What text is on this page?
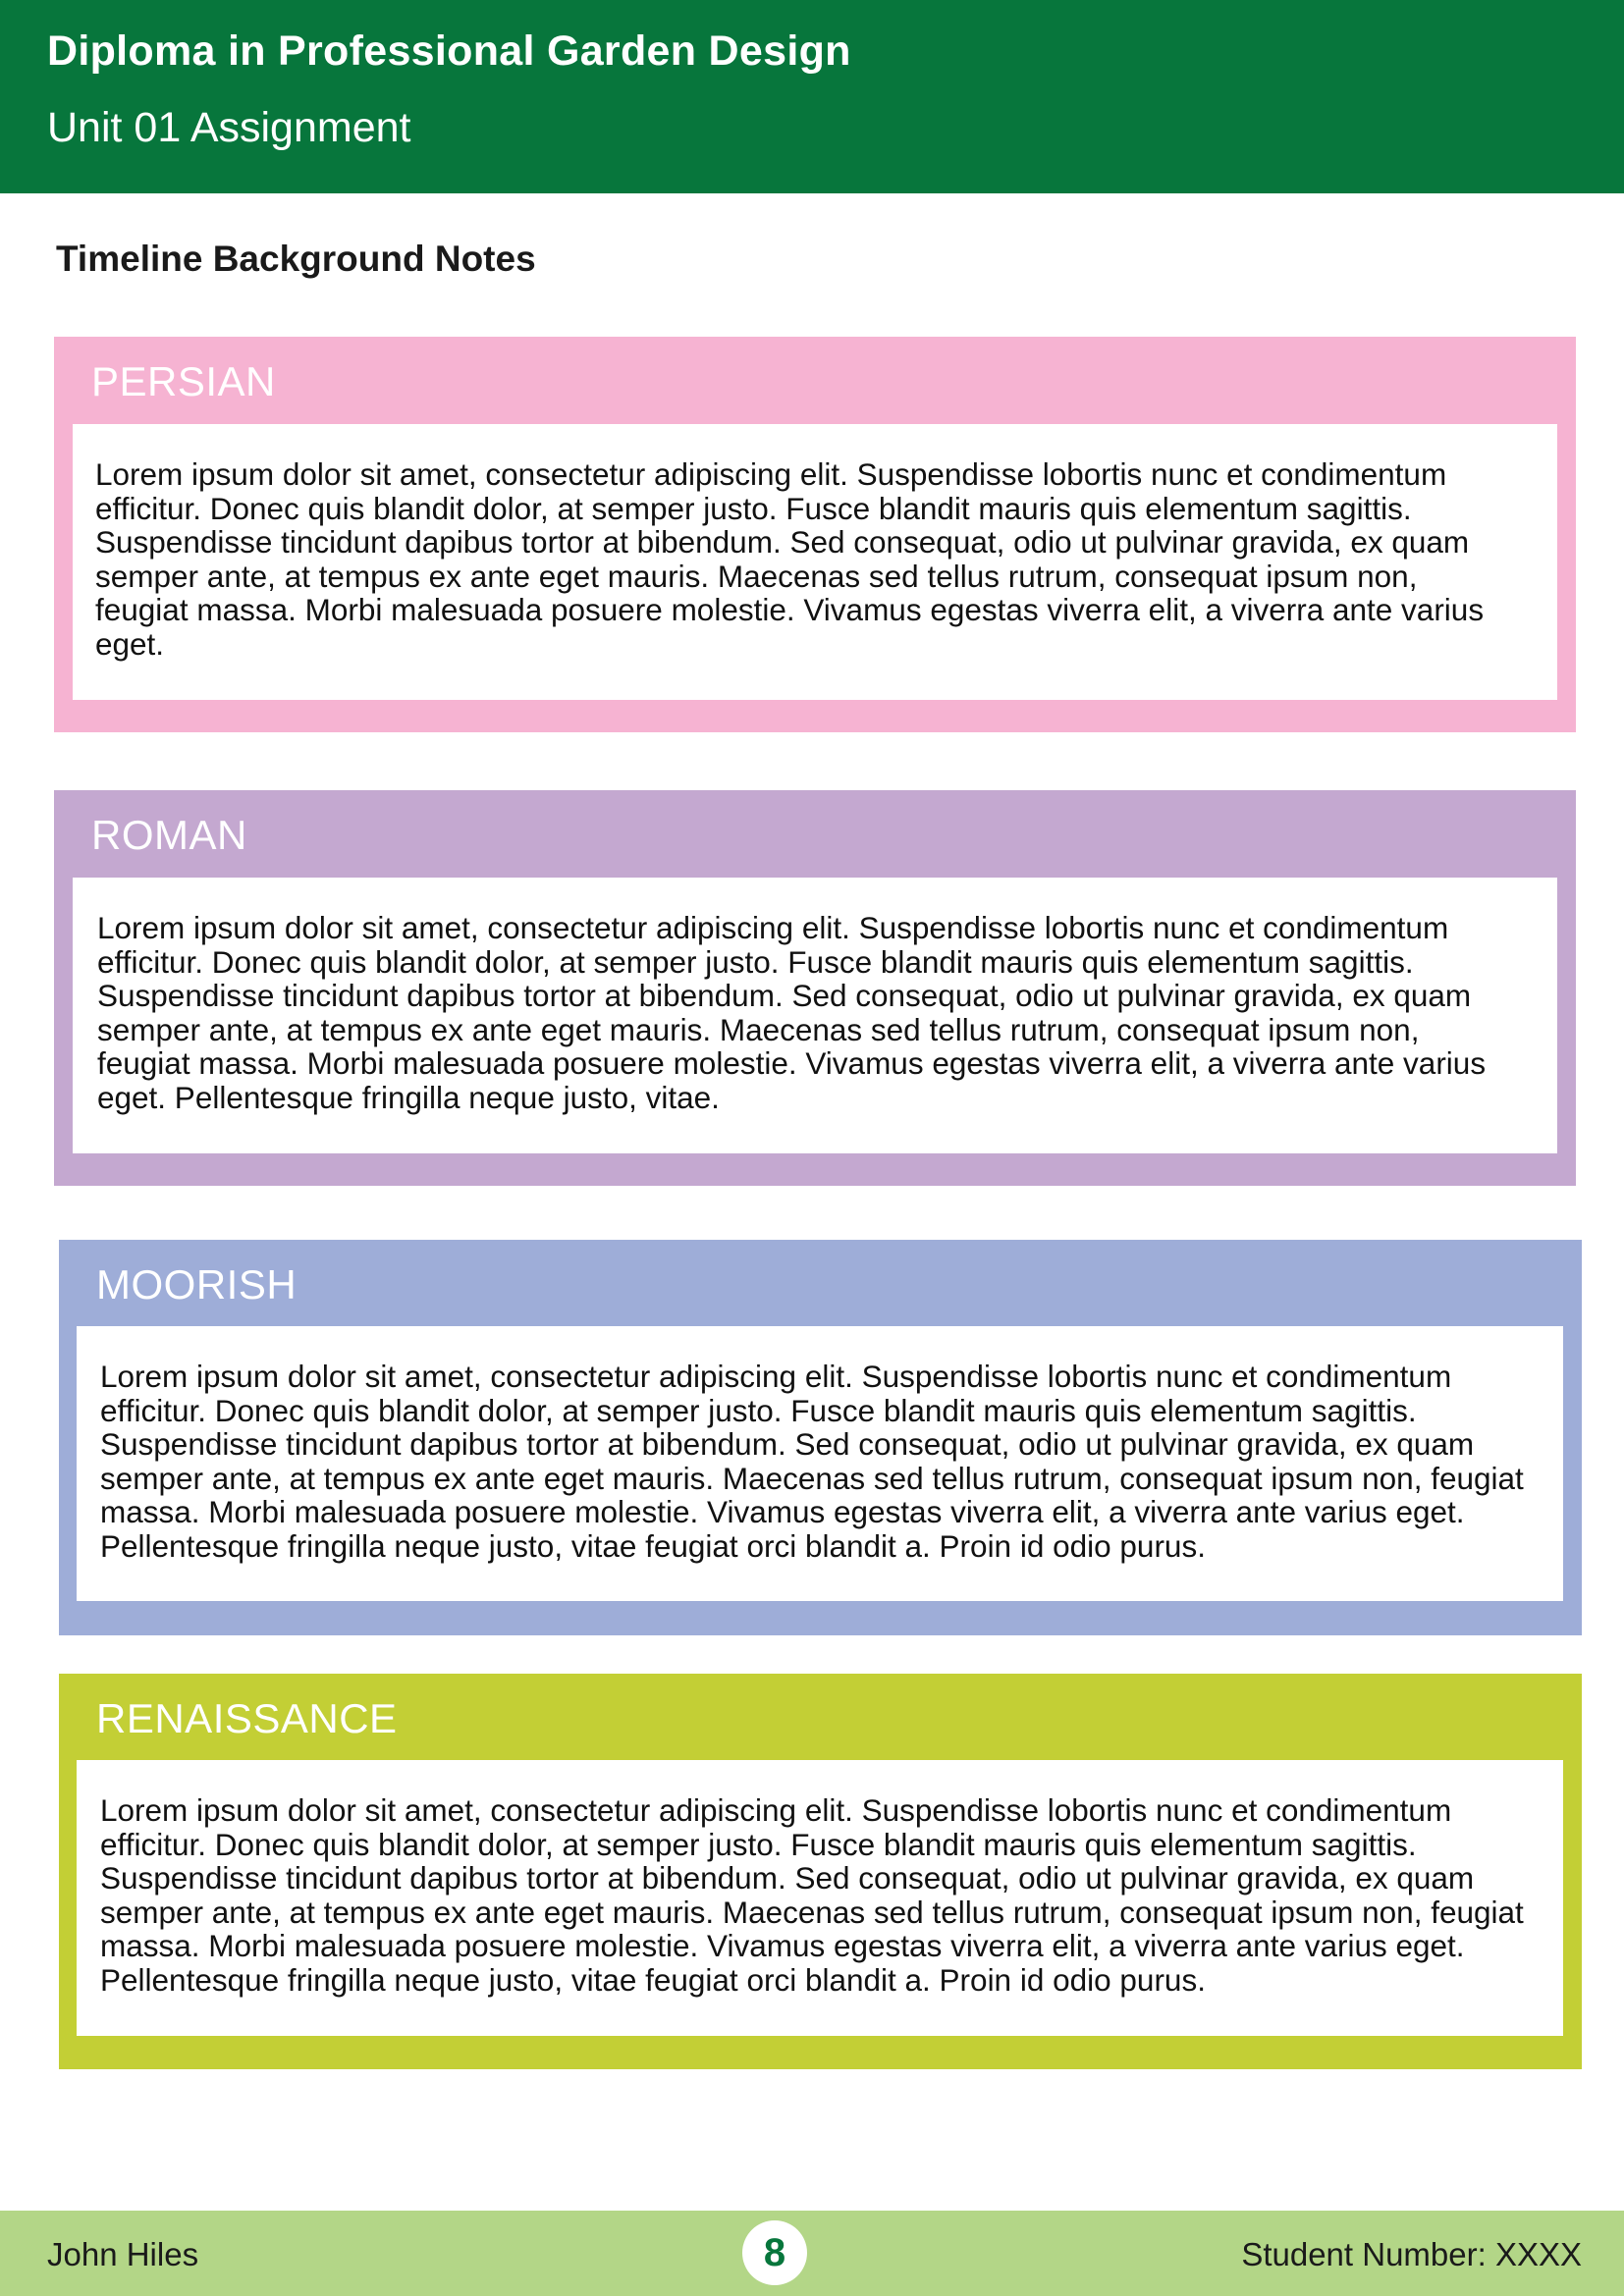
Diploma in Professional Garden Design
Unit 01 Assignment
Timeline Background Notes
PERSIAN
Lorem ipsum dolor sit amet, consectetur adipiscing elit. Suspendisse lobortis nunc et condimentum efficitur. Donec quis blandit dolor, at semper justo. Fusce blandit mauris quis elementum sagittis. Suspendisse tincidunt dapibus tortor at bibendum. Sed consequat, odio ut pulvinar gravida, ex quam semper ante, at tempus ex ante eget mauris. Maecenas sed tellus rutrum, consequat ipsum non, feugiat massa. Morbi malesuada posuere molestie. Vivamus egestas viverra elit, a viverra ante varius eget.
ROMAN
Lorem ipsum dolor sit amet, consectetur adipiscing elit. Suspendisse lobortis nunc et condimentum efficitur. Donec quis blandit dolor, at semper justo. Fusce blandit mauris quis elementum sagittis. Suspendisse tincidunt dapibus tortor at bibendum. Sed consequat, odio ut pulvinar gravida, ex quam semper ante, at tempus ex ante eget mauris. Maecenas sed tellus rutrum, consequat ipsum non, feugiat massa. Morbi malesuada posuere molestie. Vivamus egestas viverra elit, a viverra ante varius eget. Pellentesque fringilla neque justo, vitae.
MOORISH
Lorem ipsum dolor sit amet, consectetur adipiscing elit. Suspendisse lobortis nunc et condimentum efficitur. Donec quis blandit dolor, at semper justo. Fusce blandit mauris quis elementum sagittis. Suspendisse tincidunt dapibus tortor at bibendum. Sed consequat, odio ut pulvinar gravida, ex quam semper ante, at tempus ex ante eget mauris. Maecenas sed tellus rutrum, consequat ipsum non, feugiat massa. Morbi malesuada posuere molestie. Vivamus egestas viverra elit, a viverra ante varius eget. Pellentesque fringilla neque justo, vitae feugiat orci blandit a. Proin id odio purus.
RENAISSANCE
Lorem ipsum dolor sit amet, consectetur adipiscing elit. Suspendisse lobortis nunc et condimentum efficitur. Donec quis blandit dolor, at semper justo. Fusce blandit mauris quis elementum sagittis. Suspendisse tincidunt dapibus tortor at bibendum. Sed consequat, odio ut pulvinar gravida, ex quam semper ante, at tempus ex ante eget mauris. Maecenas sed tellus rutrum, consequat ipsum non, feugiat massa. Morbi malesuada posuere molestie. Vivamus egestas viverra elit, a viverra ante varius eget. Pellentesque fringilla neque justo, vitae feugiat orci blandit a. Proin id odio purus.
John Hiles	8	Student Number: XXXX
